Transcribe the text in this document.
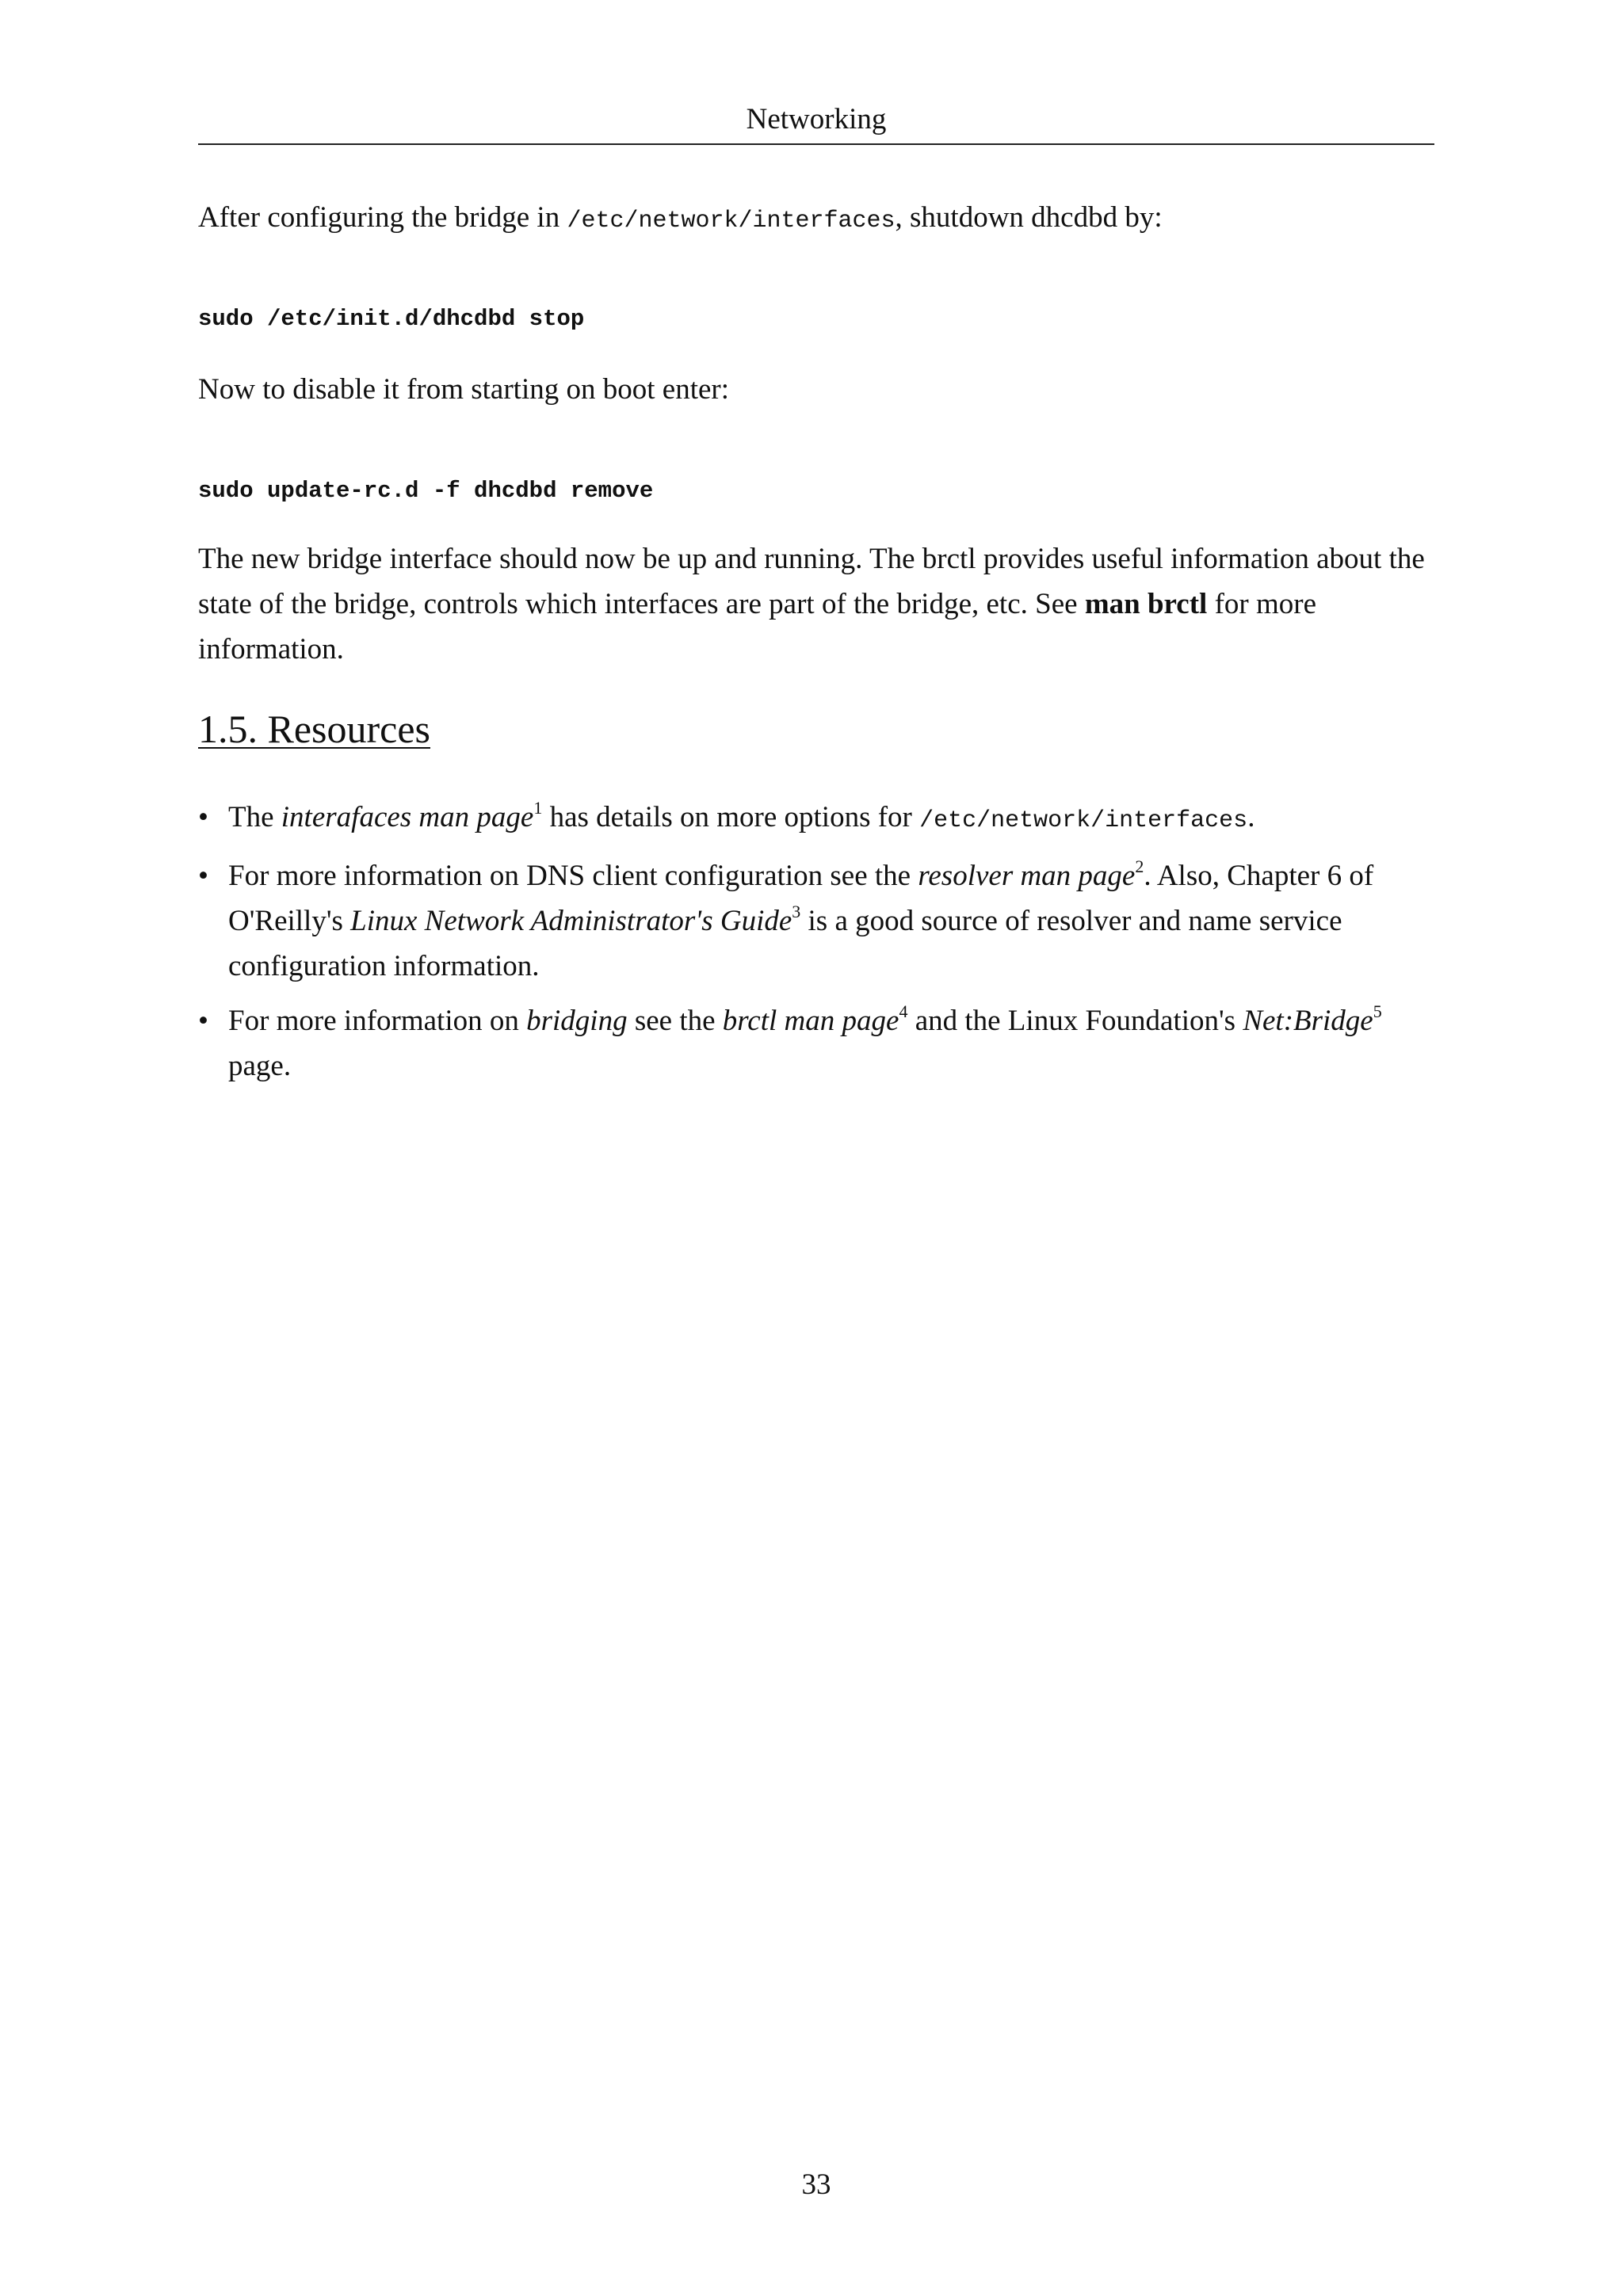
Networking

After configuring the bridge in /etc/network/interfaces, shutdown dhcdbd by:

sudo /etc/init.d/dhcdbd stop

Now to disable it from starting on boot enter:

sudo update-rc.d -f dhcdbd remove

The new bridge interface should now be up and running. The brctl provides useful information about the state of the bridge, controls which interfaces are part of the bridge, etc. See man brctl for more information.

1.5. Resources
• The interafaces man page$^1$ has details on more options for /etc/network/interfaces.
• For more information on DNS client configuration see the resolver man page$^2$. Also, Chapter 6 of O'Reilly's Linux Network Administrator's Guide$^3$ is a good source of resolver and name service configuration information.
• For more information on bridging see the brctl man page$^4$ and the Linux Foundation's Net:Bridge$^5$ page.
33
